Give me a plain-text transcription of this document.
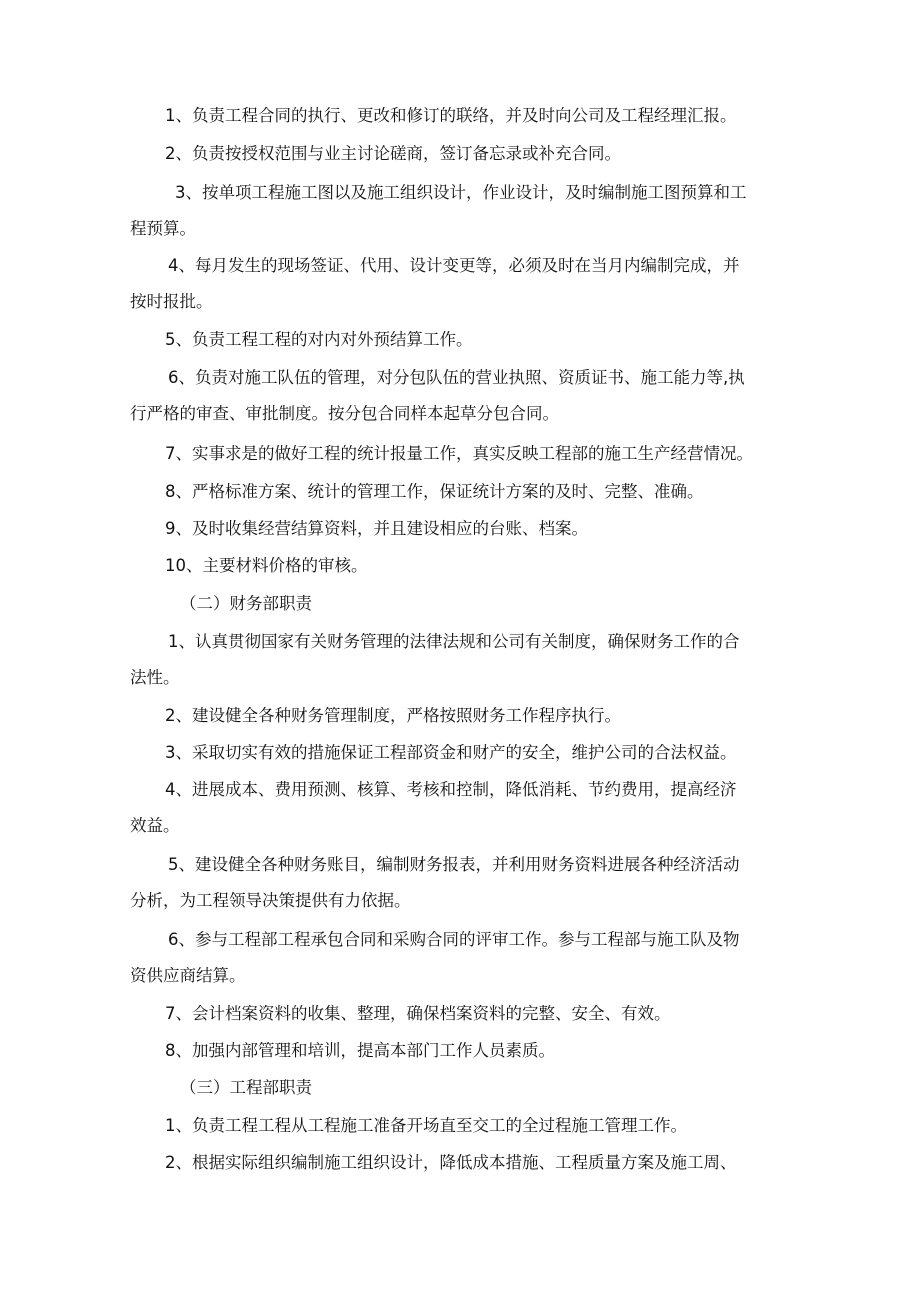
1、负责工程合同的执行、更改和修订的联络，并及时向公司及工程经理汇报。

2、负责按授权范围与业主讨论磋商，签订备忘录或补充合同。

3、按单项工程施工图以及施工组织设计，作业设计，及时编制施工图预算和工
程预算。
4、每月发生的现场签证、代用、设计变更等，必须及时在当月内编制完成，并
按时报批。

5、负责工程工程的对内对外预结算工作。

6、负责对施工队伍的管理，对分包队伍的营业执照、资质证书、施工能力等,执
行严格的审查、审批制度。按分包合同样本起草分包合同。

7、实事求是的做好工程的统计报量工作，真实反映工程部的施工生产经营情况。

8、严格标准方案、统计的管理工作，保证统计方案的及时、完整、准确。

9、及时收集经营结算资料，并且建设相应的台账、档案。

10、主要材料价格的审核。

（二）财务部职责

1、认真贯彻国家有关财务管理的法律法规和公司有关制度，确保财务工作的合
法性。

2、建设健全各种财务管理制度，严格按照财务工作程序执行。

3、采取切实有效的措施保证工程部资金和财产的安全，维护公司的合法权益。

4、进展成本、费用预测、核算、考核和控制，降低消耗、节约费用，提高经济
效益。
5、建设健全各种财务账目，编制财务报表，并利用财务资料进展各种经济活动
分析，为工程领导决策提供有力依据。
6、参与工程部工程承包合同和采购合同的评审工作。参与工程部与施工队及物
资供应商结算。

7、会计档案资料的收集、整理，确保档案资料的完整、安全、有效。

8、加强内部管理和培训，提高本部门工作人员素质。

（三）工程部职责

1、负责工程工程从工程施工准备开场直至交工的全过程施工管理工作。

2、根据实际组织编制施工组织设计，降低成本措施、工程质量方案及施工周、
